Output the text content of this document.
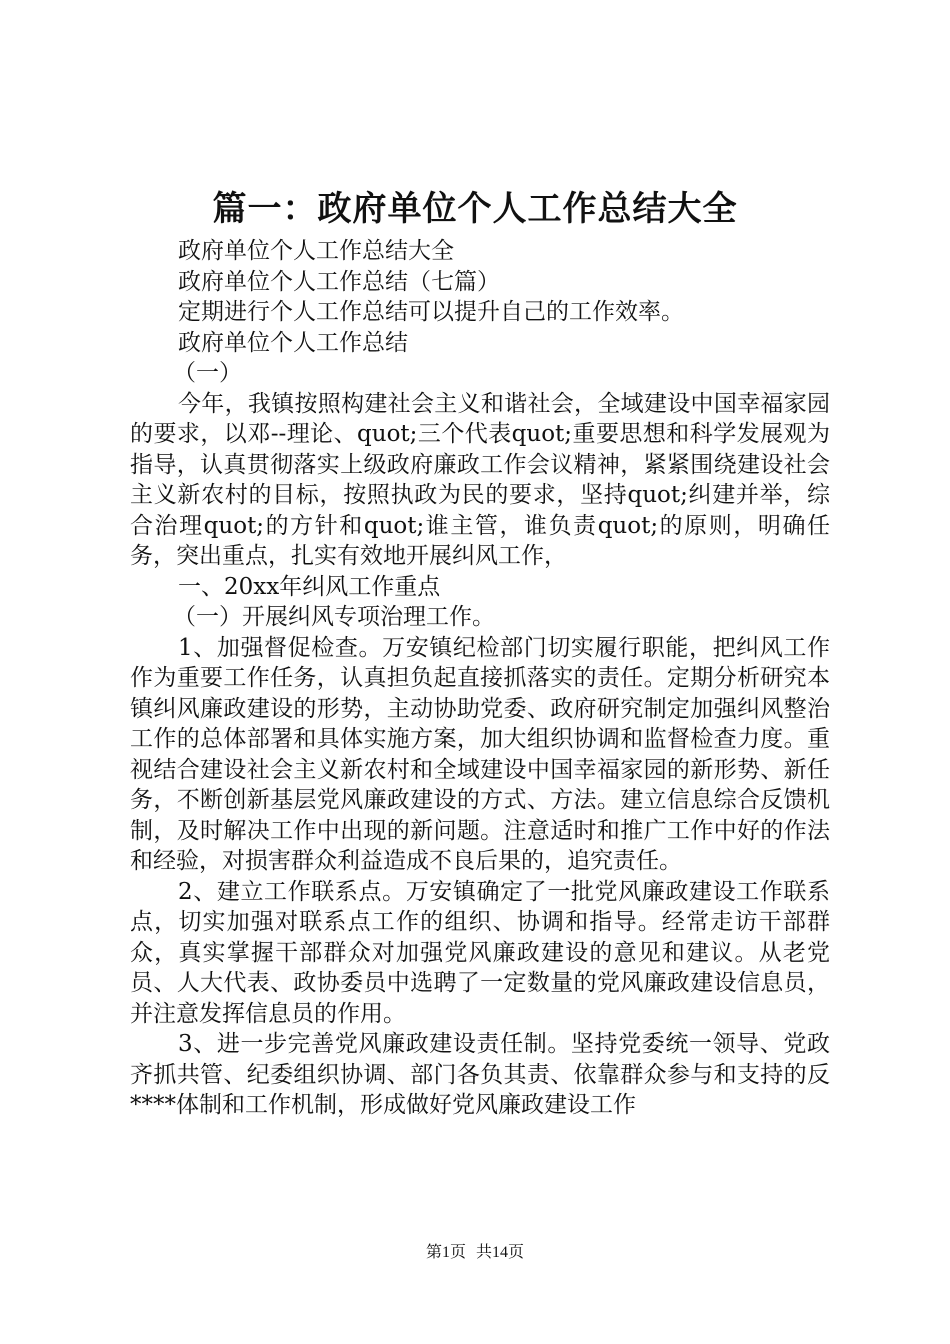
篇一：政府单位个人工作总结大全

政府单位个人工作总结大全

政府单位个人工作总结（七篇）

定期进行个人工作总结可以提升自己的工作效率。

政府单位个人工作总结

（一）

今年，我镇按照构建社会主义和谐社会，全域建设中国幸福家园的要求，以邓--理论、quot;三个代表quot;重要思想和科学发展观为指导，认真贯彻落实上级政府廉政工作会议精神，紧紧围绕建设社会主义新农村的目标，按照执政为民的要求，坚持quot;纠建并举，综合治理quot;的方针和quot;谁主管，谁负责quot;的原则，明确任务，突出重点，扎实有效地开展纠风工作，

一、20xx年纠风工作重点

（一）开展纠风专项治理工作。

1、加强督促检查。万安镇纪检部门切实履行职能，把纠风工作作为重要工作任务，认真担负起直接抓落实的责任。定期分析研究本镇纠风廉政建设的形势，主动协助党委、政府研究制定加强纠风整治工作的总体部署和具体实施方案，加大组织协调和监督检查力度。重视结合建设社会主义新农村和全域建设中国幸福家园的新形势、新任务，不断创新基层党风廉政建设的方式、方法。建立信息综合反馈机制，及时解决工作中出现的新问题。注意适时和推广工作中好的作法和经验，对损害群众利益造成不良后果的，追究责任。

2、建立工作联系点。万安镇确定了一批党风廉政建设工作联系点，切实加强对联系点工作的组织、协调和指导。经常走访干部群众，真实掌握干部群众对加强党风廉政建设的意见和建议。从老党员、人大代表、政协委员中选聘了一定数量的党风廉政建设信息员，并注意发挥信息员的作用。

3、进一步完善党风廉政建设责任制。坚持党委统一领导、党政齐抓共管、纪委组织协调、部门各负其责、依靠群众参与和支持的反****体制和工作机制，形成做好党风廉政建设工作

第1页 共14页
